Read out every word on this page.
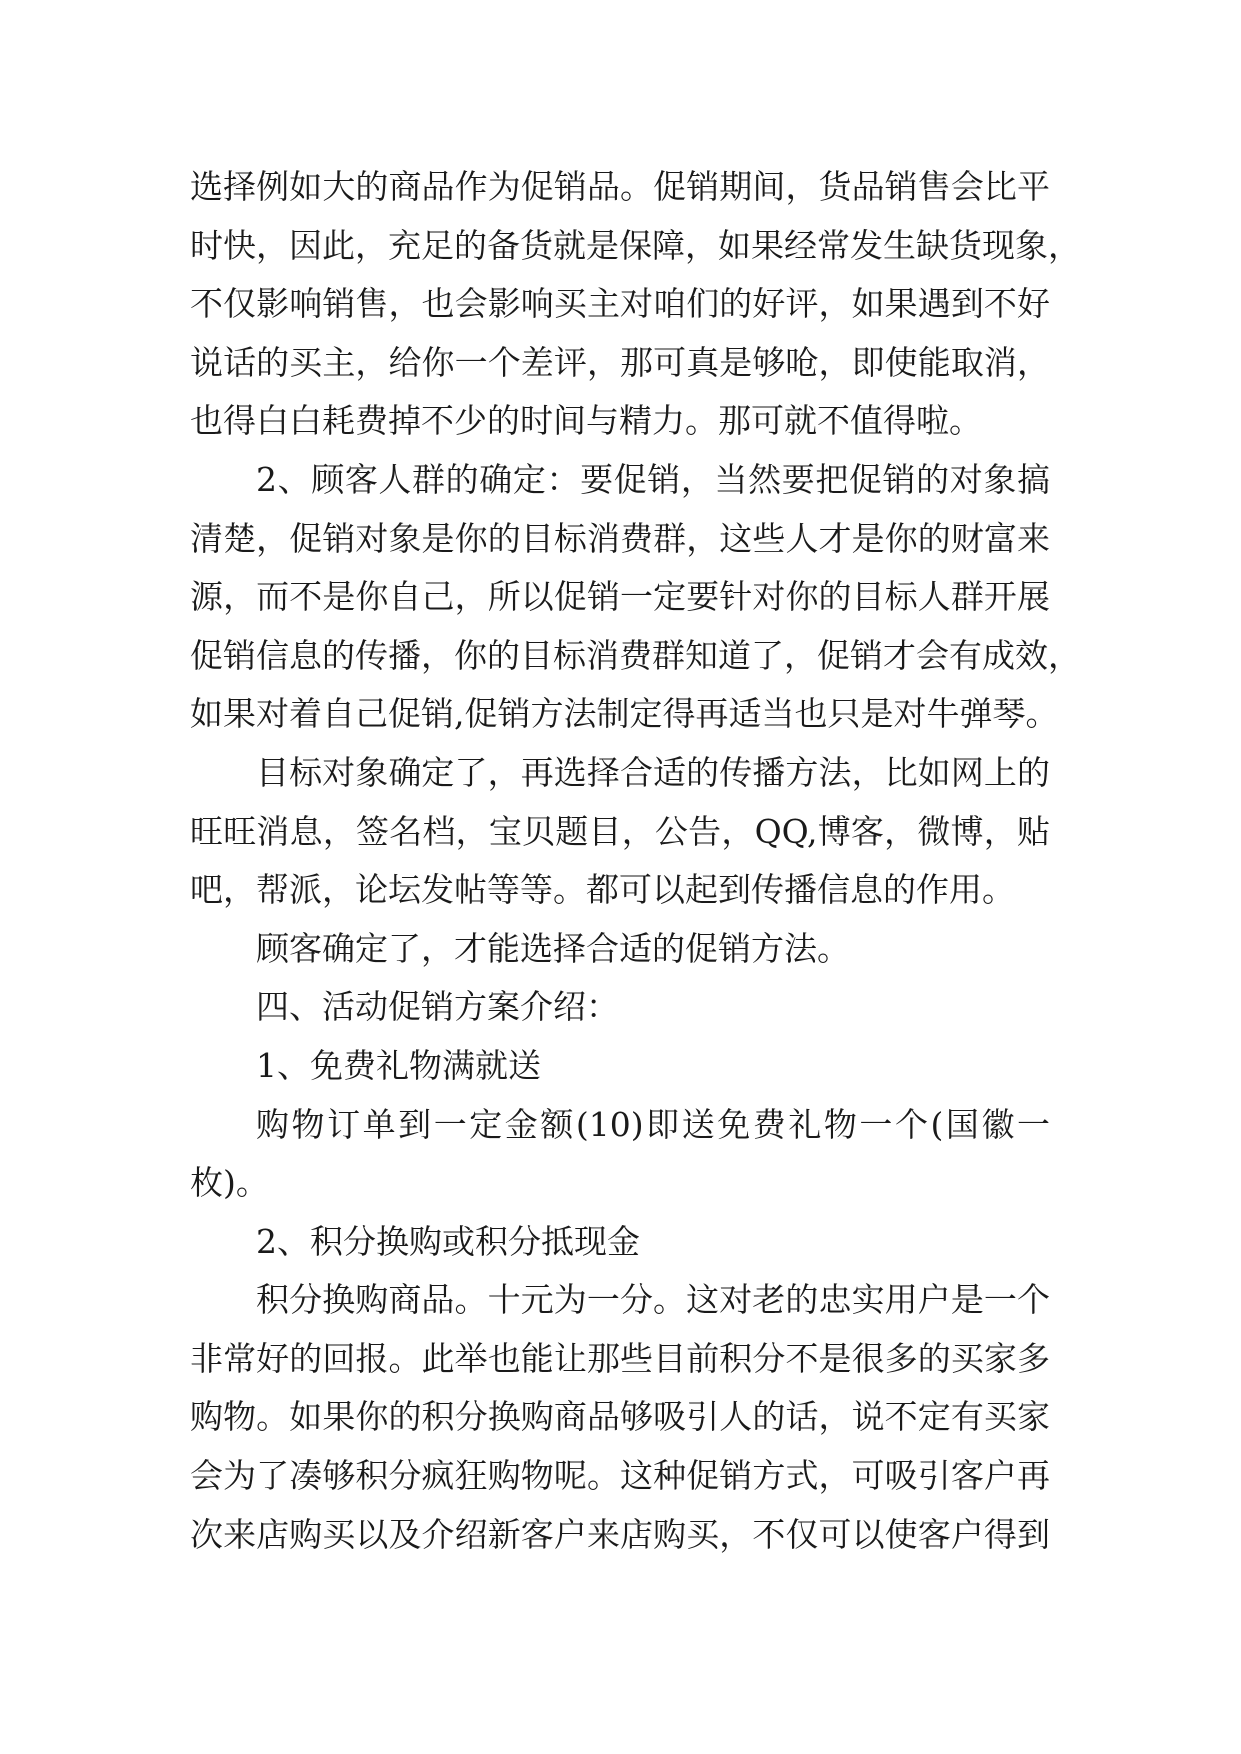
选择例如大的商品作为促销品。促销期间，货品销售会比平
时快，因此，充足的备货就是保障，如果经常发生缺货现象，
不仅影响销售，也会影响买主对咱们的好评，如果遇到不好
说话的买主，给你一个差评，那可真是够呛，即使能取消，
也得白白耗费掉不少的时间与精力。那可就不值得啦。
2、顾客人群的确定：要促销，当然要把促销的对象搞
清楚，促销对象是你的目标消费群，这些人才是你的财富来
源，而不是你自己，所以促销一定要针对你的目标人群开展
促销信息的传播，你的目标消费群知道了，促销才会有成效，
如果对着自己促销,促销方法制定得再适当也只是对牛弹琴。
目标对象确定了，再选择合适的传播方法，比如网上的
旺旺消息，签名档，宝贝题目，公告，QQ,博客，微博，贴
吧，帮派，论坛发帖等等。都可以起到传播信息的作用。
顾客确定了，才能选择合适的促销方法。
四、活动促销方案介绍：
1、免费礼物满就送
购物订单到一定金额(10)即送免费礼物一个(国徽一
枚)。
2、积分换购或积分抵现金
积分换购商品。十元为一分。这对老的忠实用户是一个
非常好的回报。此举也能让那些目前积分不是很多的买家多
购物。如果你的积分换购商品够吸引人的话，说不定有买家
会为了凑够积分疯狂购物呢。这种促销方式，可吸引客户再
次来店购买以及介绍新客户来店购买，不仅可以使客户得到
